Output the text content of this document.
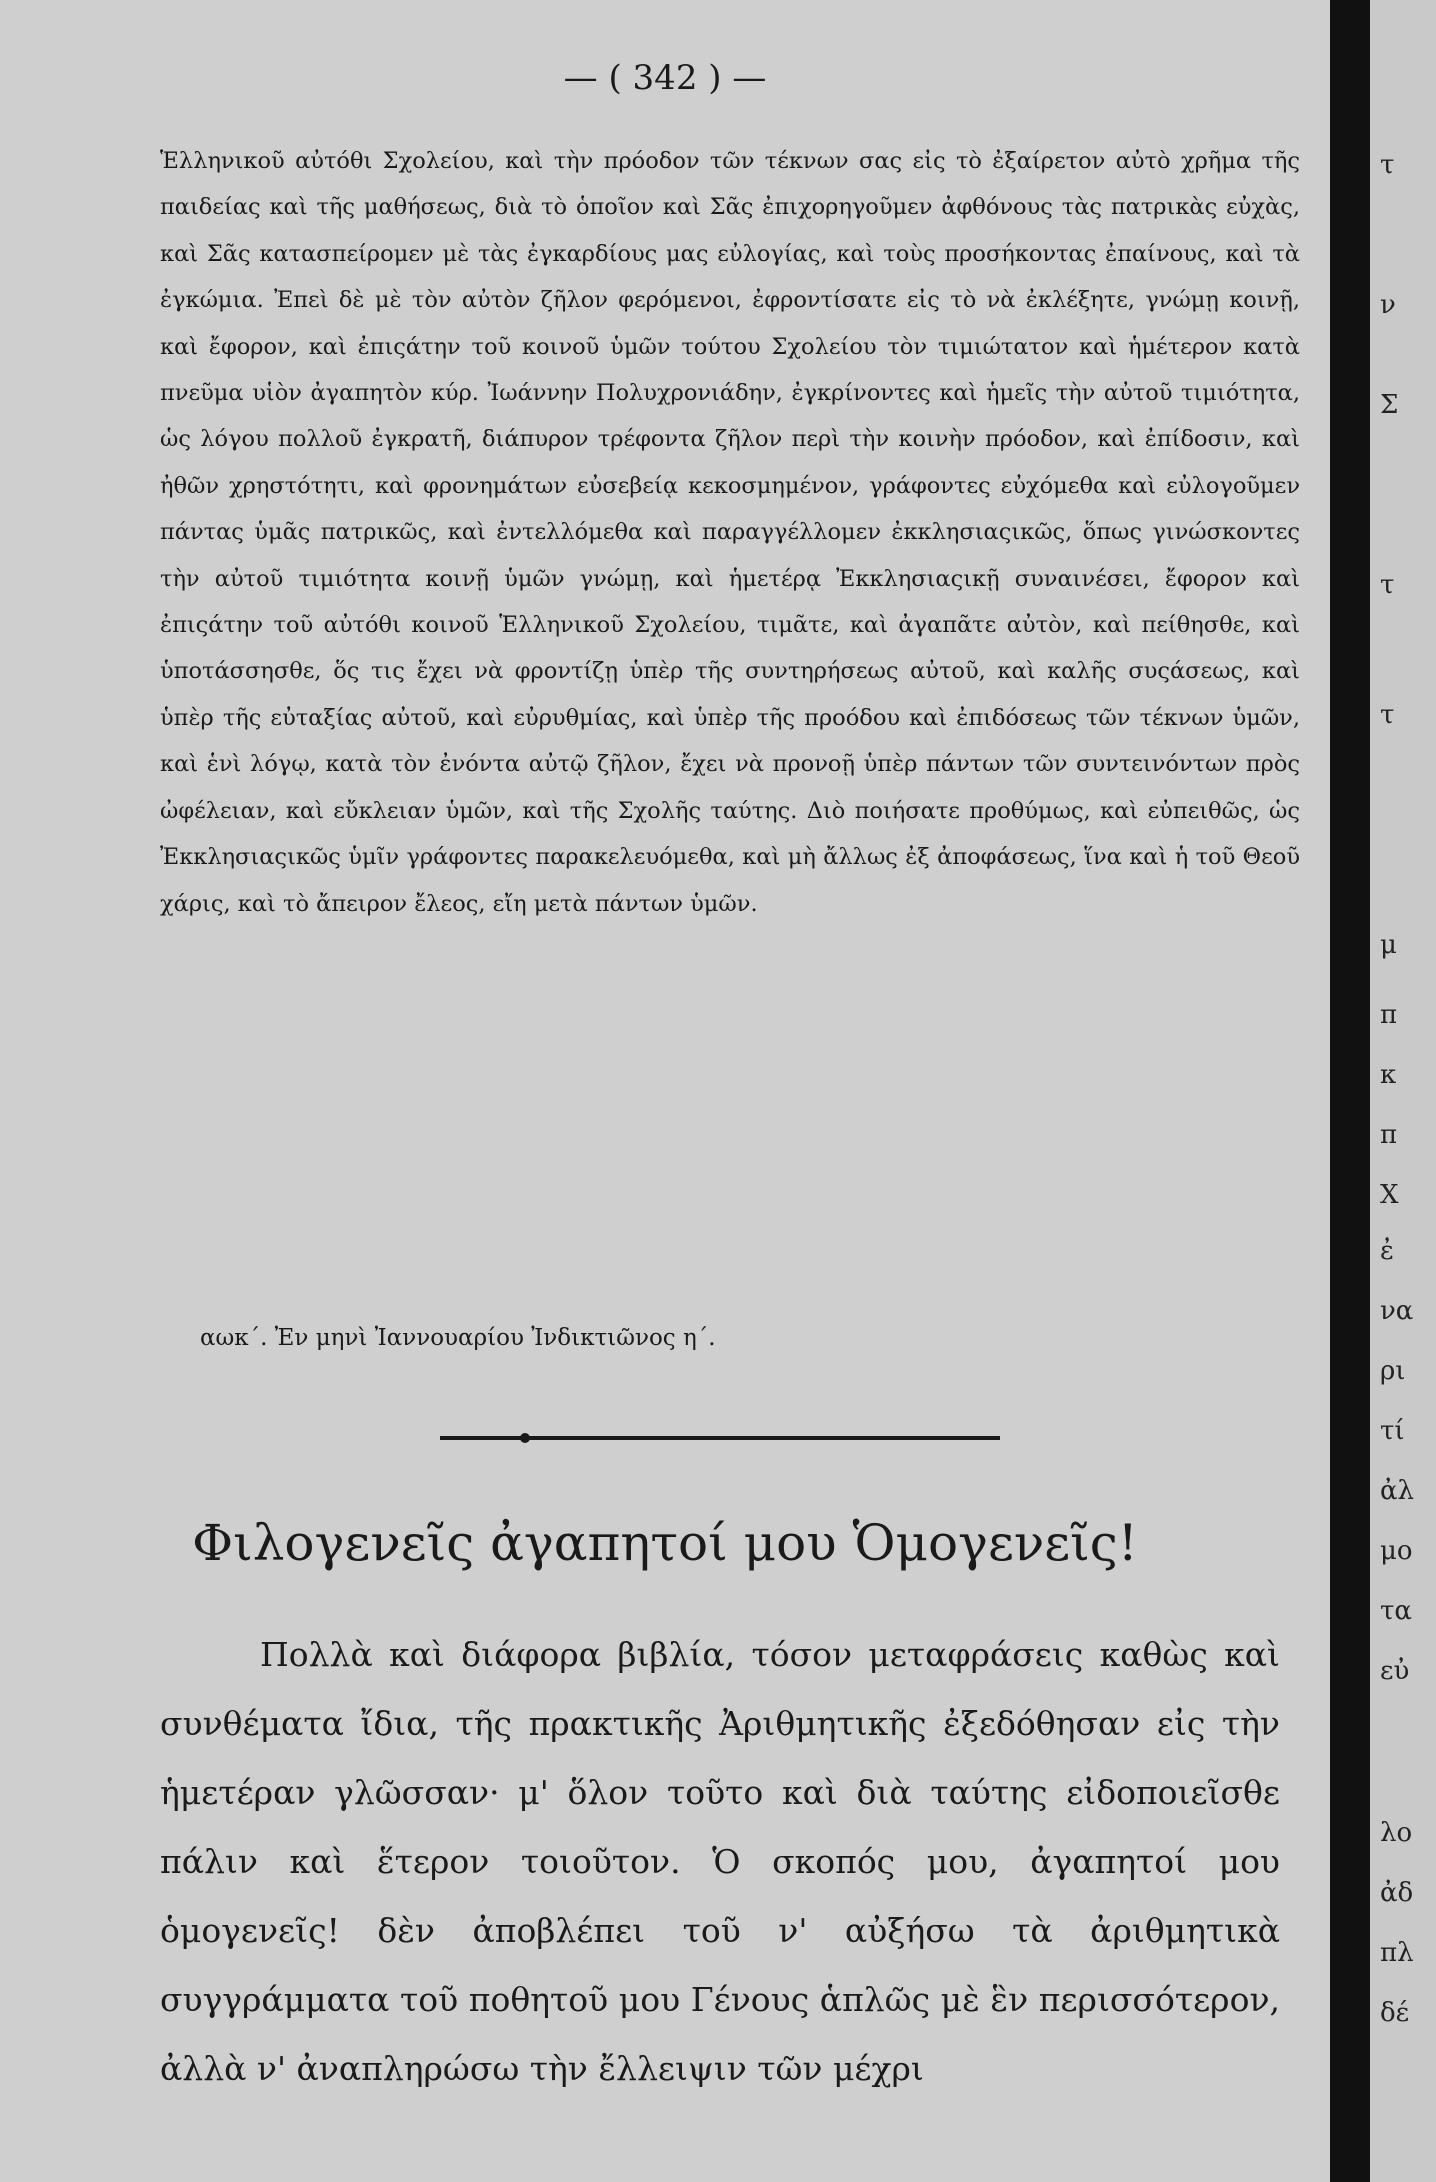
— ( 342 ) —

Ἑλληνικοῦ αὐτόθι Σχολείου, καὶ τὴν πρόοδον τῶν τέκνων σας εἰς τὸ ἐξαίρετον αὐτὸ χρῆμα τῆς παιδείας καὶ τῆς μαθήσεως, διὰ τὸ ὁποῖον καὶ Σᾶς ἐπιχορηγοῦμεν ἀφθόνους τὰς πατρικὰς εὐχὰς, καὶ Σᾶς κατασπείρομεν μὲ τὰς ἐγκαρδίους μας εὐλογίας, καὶ τοὺς προσήκοντας ἐπαίνους, καὶ τὰ ἐγκώμια. Ἐπεὶ δὲ μὲ τὸν αὐτὸν ζῆλον φερόμενοι, ἐφροντίσατε εἰς τὸ νὰ ἐκλέξητε, γνώμῃ κοινῇ, καὶ ἔφορον, καὶ ἐπιςάτην τοῦ κοινοῦ ὑμῶν τούτου Σχολείου τὸν τιμιώτατον καὶ ἡμέτερον κατὰ πνεῦμα υἱὸν ἀγαπητὸν κύρ. Ἰωάννην Πολυχρονιάδην, ἐγκρίνοντες καὶ ἡμεῖς τὴν αὐτοῦ τιμιότητα, ὡς λόγου πολλοῦ ἐγκρατῆ, διάπυρον τρέφοντα ζῆλον περὶ τὴν κοινὴν πρόοδον, καὶ ἐπίδοσιν, καὶ ἠθῶν χρηστότητι, καὶ φρονημάτων εὐσεβείᾳ κεκοσμημένον, γράφοντες εὐχόμεθα καὶ εὐλογοῦμεν πάντας ὑμᾶς πατρικῶς, καὶ ἐντελλόμεθα καὶ παραγγέλλομεν ἐκκλησιαςικῶς, ὅπως γινώσκοντες τὴν αὐτοῦ τιμιότητα κοινῇ ὑμῶν γνώμῃ, καὶ ἡμετέρᾳ Ἐκκλησιαςικῇ συναινέσει, ἔφορον καὶ ἐπιςάτην τοῦ αὐτόθι κοινοῦ Ἑλληνικοῦ Σχολείου, τιμᾶτε, καὶ ἀγαπᾶτε αὐτὸν, καὶ πείθησθε, καὶ ὑποτάσσησθε, ὅς τις ἔχει νὰ φροντίζῃ ὑπὲρ τῆς συντηρήσεως αὐτοῦ, καὶ καλῆς συςάσεως, καὶ ὑπὲρ τῆς εὐταξίας αὐτοῦ, καὶ εὐρυθμίας, καὶ ὑπὲρ τῆς προόδου καὶ ἐπιδόσεως τῶν τέκνων ὑμῶν, καὶ ἑνὶ λόγῳ, κατὰ τὸν ἐνόντα αὐτῷ ζῆλον, ἔχει νὰ προνοῇ ὑπὲρ πάντων τῶν συντεινόντων πρὸς ὠφέλειαν, καὶ εὔκλειαν ὑμῶν, καὶ τῆς Σχολῆς ταύτης. Διὸ ποιήσατε προθύμως, καὶ εὐπειθῶς, ὡς Ἐκκλησιαςικῶς ὑμῖν γράφοντες παρακελευόμεθα, καὶ μὴ ἄλλως ἐξ ἀποφάσεως, ἵνα καὶ ἡ τοῦ Θεοῦ χάρις, καὶ τὸ ἄπειρον ἔλεος, εἴη μετὰ πάντων ὑμῶν.

αωκ΄. Ἐν μηνὶ Ἰαννουαρίου Ἰνδικτιῶνος η΄.
Φιλογενεῖς ἀγαπητοί μου Ὁμογενεῖς!

Πολλὰ καὶ διάφορα βιβλία, τόσον μεταφράσεις καθὼς καὶ συνθέματα ἴδια, τῆς πρακτικῆς Ἀριθμητικῆς ἐξεδόθησαν εἰς τὴν ἡμετέραν γλῶσσαν· μ' ὅλον τοῦτο καὶ διὰ ταύτης εἰδοποιεῖσθε πάλιν καὶ ἕτερον τοιοῦτον. Ὁ σκοπός μου, ἀγαπητοί μου ὁμογενεῖς! δὲν ἀποβλέπει τοῦ ν' αὐξήσω τὰ ἀριθμητικὰ συγγράμματα τοῦ ποθητοῦ μου Γένους ἁπλῶς μὲ ἓν περισσότερον, ἀλλὰ ν' ἀναπληρώσω τὴν ἔλλειψιν τῶν μέχρι

τ
ν
Σ
τ
τ
μ
π
κ
π
Χ
ἐ
να
ρι
τί
ἀλ
μο
τα
εὐ
λο
ἀδ
πλ
δέ
